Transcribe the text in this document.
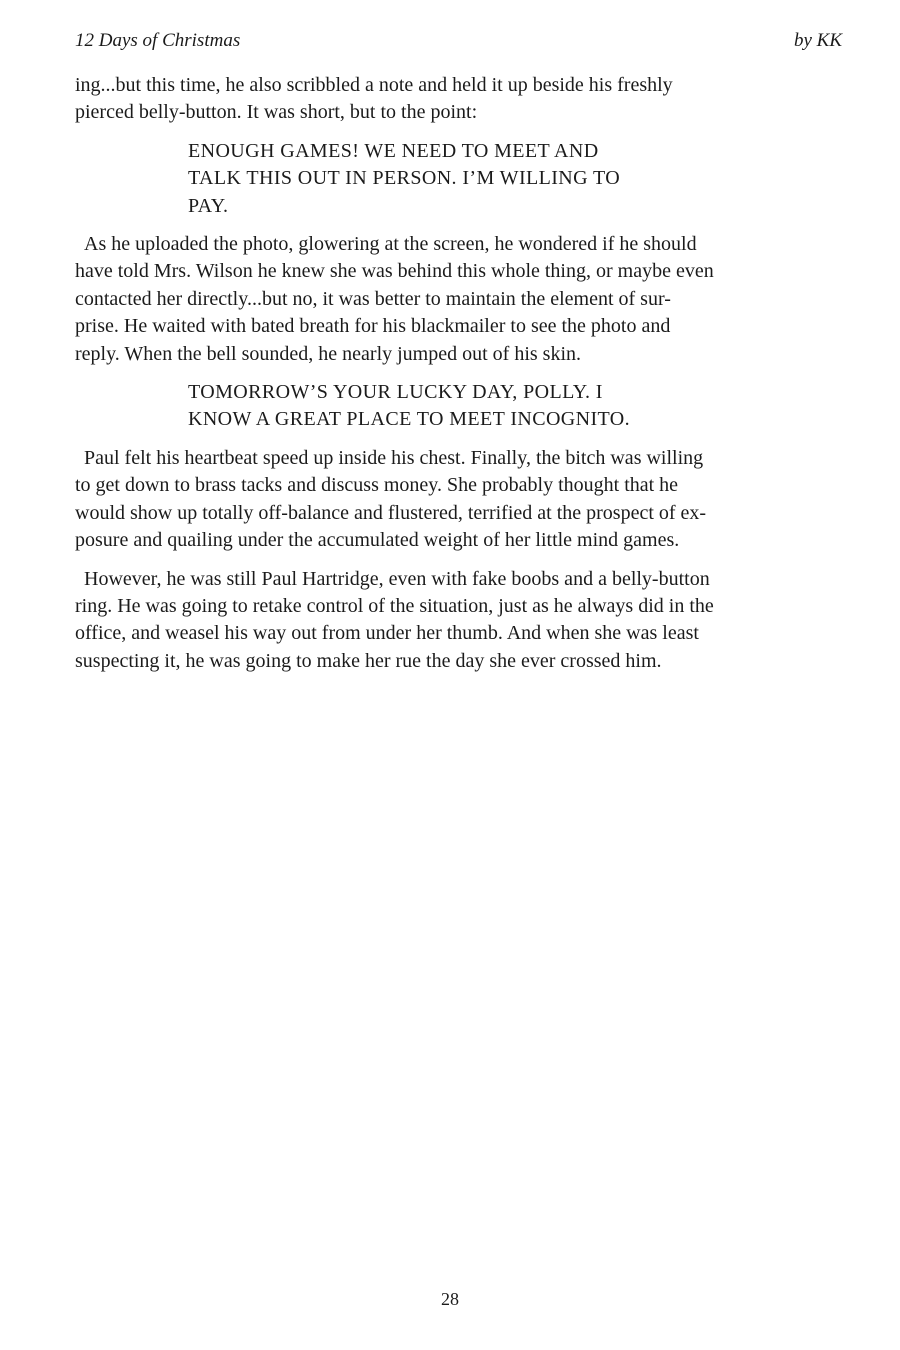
12 Days of Christmas	by KK
ing...but this time, he also scribbled a note and held it up beside his freshly
pierced belly-button. It was short, but to the point:
ENOUGH GAMES! WE NEED TO MEET AND
TALK THIS OUT IN PERSON. I’M WILLING TO
PAY.
As he uploaded the photo, glowering at the screen, he wondered if he should
have told Mrs. Wilson he knew she was behind this whole thing, or maybe even
contacted her directly...but no, it was better to maintain the element of sur-
prise. He waited with bated breath for his blackmailer to see the photo and
reply. When the bell sounded, he nearly jumped out of his skin.
TOMORROW’S YOUR LUCKY DAY, POLLY. I
KNOW A GREAT PLACE TO MEET INCOGNITO.
Paul felt his heartbeat speed up inside his chest. Finally, the bitch was willing
to get down to brass tacks and discuss money. She probably thought that he
would show up totally off-balance and flustered, terrified at the prospect of ex-
posure and quailing under the accumulated weight of her little mind games.
However, he was still Paul Hartridge, even with fake boobs and a belly-button
ring. He was going to retake control of the situation, just as he always did in the
office, and weasel his way out from under her thumb. And when she was least
suspecting it, he was going to make her rue the day she ever crossed him.
28
